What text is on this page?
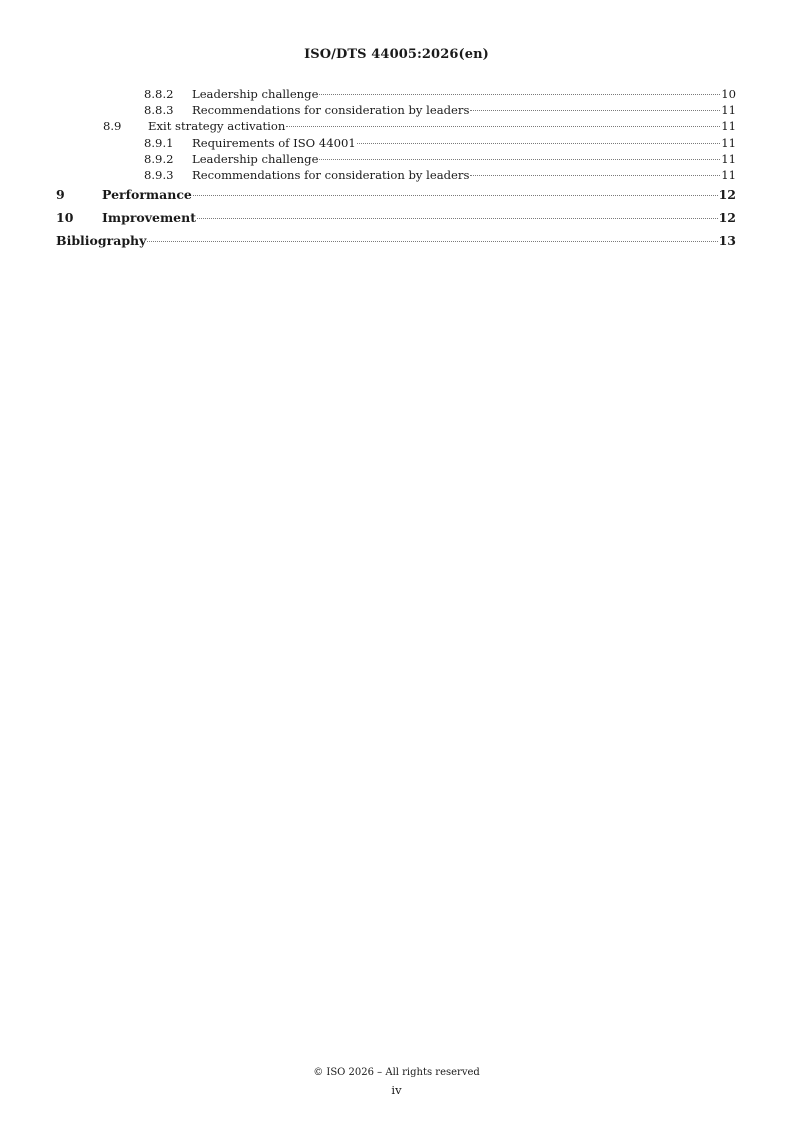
ISO/DTS 44005:2026(en)
8.8.2	Leadership challenge	10
8.8.3	Recommendations for consideration by leaders	11
8.9	Exit strategy activation	11
8.9.1	Requirements of ISO 44001	11
8.9.2	Leadership challenge	11
8.9.3	Recommendations for consideration by leaders	11
9	Performance	12
10	Improvement	12
Bibliography	13
© ISO 2026 – All rights reserved
iv
